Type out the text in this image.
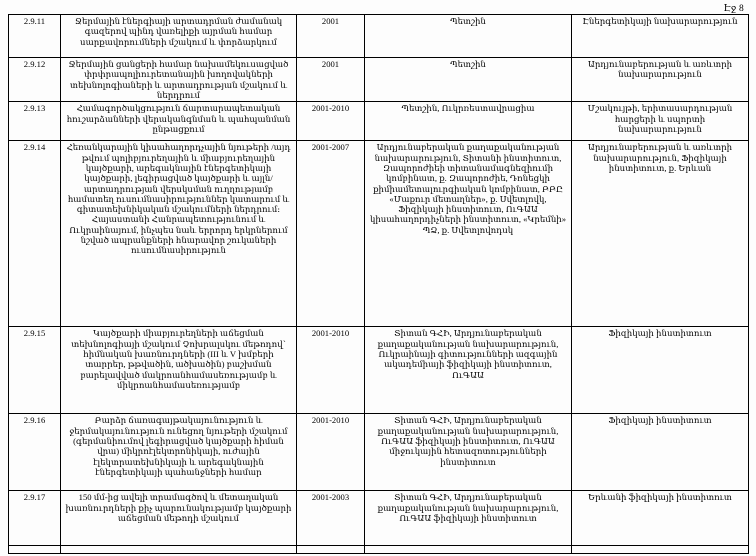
Էջ 8
2.9.11	Ջերմային էներգիայի արտադրման ժամանակ գազերով պինդ վառելիքի այրման համար սարքավորումների մշակում և փորձարկում	2001	Պետշին	Էներգետիկայի նախարարություն
2.9.12	Ջերմային ցանցերի համար նախամեկուսացված փրփրապոլիուրետանային խողովակների տեխնոլոգիաների և արտադրության մշակում և ներդրում	2001	Պետշին	Արդյունաբերության և առևտրի նախարարություն
2.9.13	Համագործակցություն ճարտարապետական հուշարձանների վերականգնման և պահպանման ընթացքում	2001-2010	Պետշին, Ուկրռեստավրացիա	Մշակույթի, երիտասարդության հարցերի և սպորտի նախարարություն
2.9.14	Հեռանկարային կիսահաղորդչային նյութերի /այդ թվում պոլիբյուրեղային և միաբյուրեղային կայծքարի, արեգակնային էներգետիկայի կայծքարի, լեգիրացված կայծքարի և այլն/ արտադրության վերսկսման ուղղությամբ համատեղ ուսումնասիրություններ կատարում և գիտատեխնիկական մշակումների ներդրում։ Հայաստանի Հանրապետությունում և Ուկրաինայում, ինչպես նաև երրորդ երկրներում նշված ապրանքների հնարավոր շուկաների ուսումնասիրություն	2001-2007	Արդյունաբերական քաղաքականության նախարարություն, Տիտանի ինստիտուտ, Զապորոժիեի տիտանամագնեզիումի կոմբինատ, ք. Զապորոժիե, Դոնեցկի քիմիամետալուրգիական կոմբինատ, ԲԲԸ «Մաքուր մետաղներ», ք. Սվետլովկ, Ֆիզիկայի ինստիտուտ, ՈւԳԱԱ կիսահաղորդիչների ինստիտուտ, «Կրեմնի» ՊՁ, ք. Սվետլովոդսկ	Արդյունաբերության և առևտրի նախարարություն, Ֆիզիկայի ինստիտուտ, ք. Երևան
2.9.15	Կայծքարի միաբյուրեղների աճեցման տեխնոլոգիայի մշակում Չոխրալսկու մեթոդով՝ հիմնական խառնուրդների (III և V խմբերի տարրեր, թթվածին, ածխածին) բաշխման բարելավված մակրոանհամասեռությամբ և միկրոանհամասեռությամբ	2001-2010	Տիտան ԳՀԻ, Արդյունաբերական քաղաքականության նախարարություն, Ուկրաինայի գիտությունների ազգային ակադեմիայի ֆիզիկայի ինստիտուտ, ՈւԳԱԱ	Ֆիզիկայի ինստիտուտ
2.9.16	Բարձր ճառագայթակայունություն և ջերմակայունություն ունեցող նյութերի մշակում (գերմանիումով լեգիրացված կայծքարի հիման վրա) միկրոէլեկտրոնիկայի, ուժային էլեկտրատեխնիկայի և արեգակնային էներգետիկայի պահանջների համար	2001-2010	Տիտան ԳՀԻ, Արդյունաբերական քաղաքականության նախարարություն, ՈւԳԱԱ ֆիզիկայի ինստիտուտ, ՈւԳԱԱ միջուկային հետազոտությունների ինստիտուտ	Ֆիզիկայի ինստիտուտ
2.9.17	150 մմ-ից ավելի տրամագծով և մետաղական խառնուրդների քիչ պարունակությամբ կայծքարի աճեցման մեթոդի մշակում	2001-2003	Տիտան ԳՀԻ, Արդյունաբերական քաղաքականության նախարարություն, ՈւԳԱԱ ֆիզիկայի ինստիտուտ	Երևանի ֆիզիկայի ինստիտուտ
